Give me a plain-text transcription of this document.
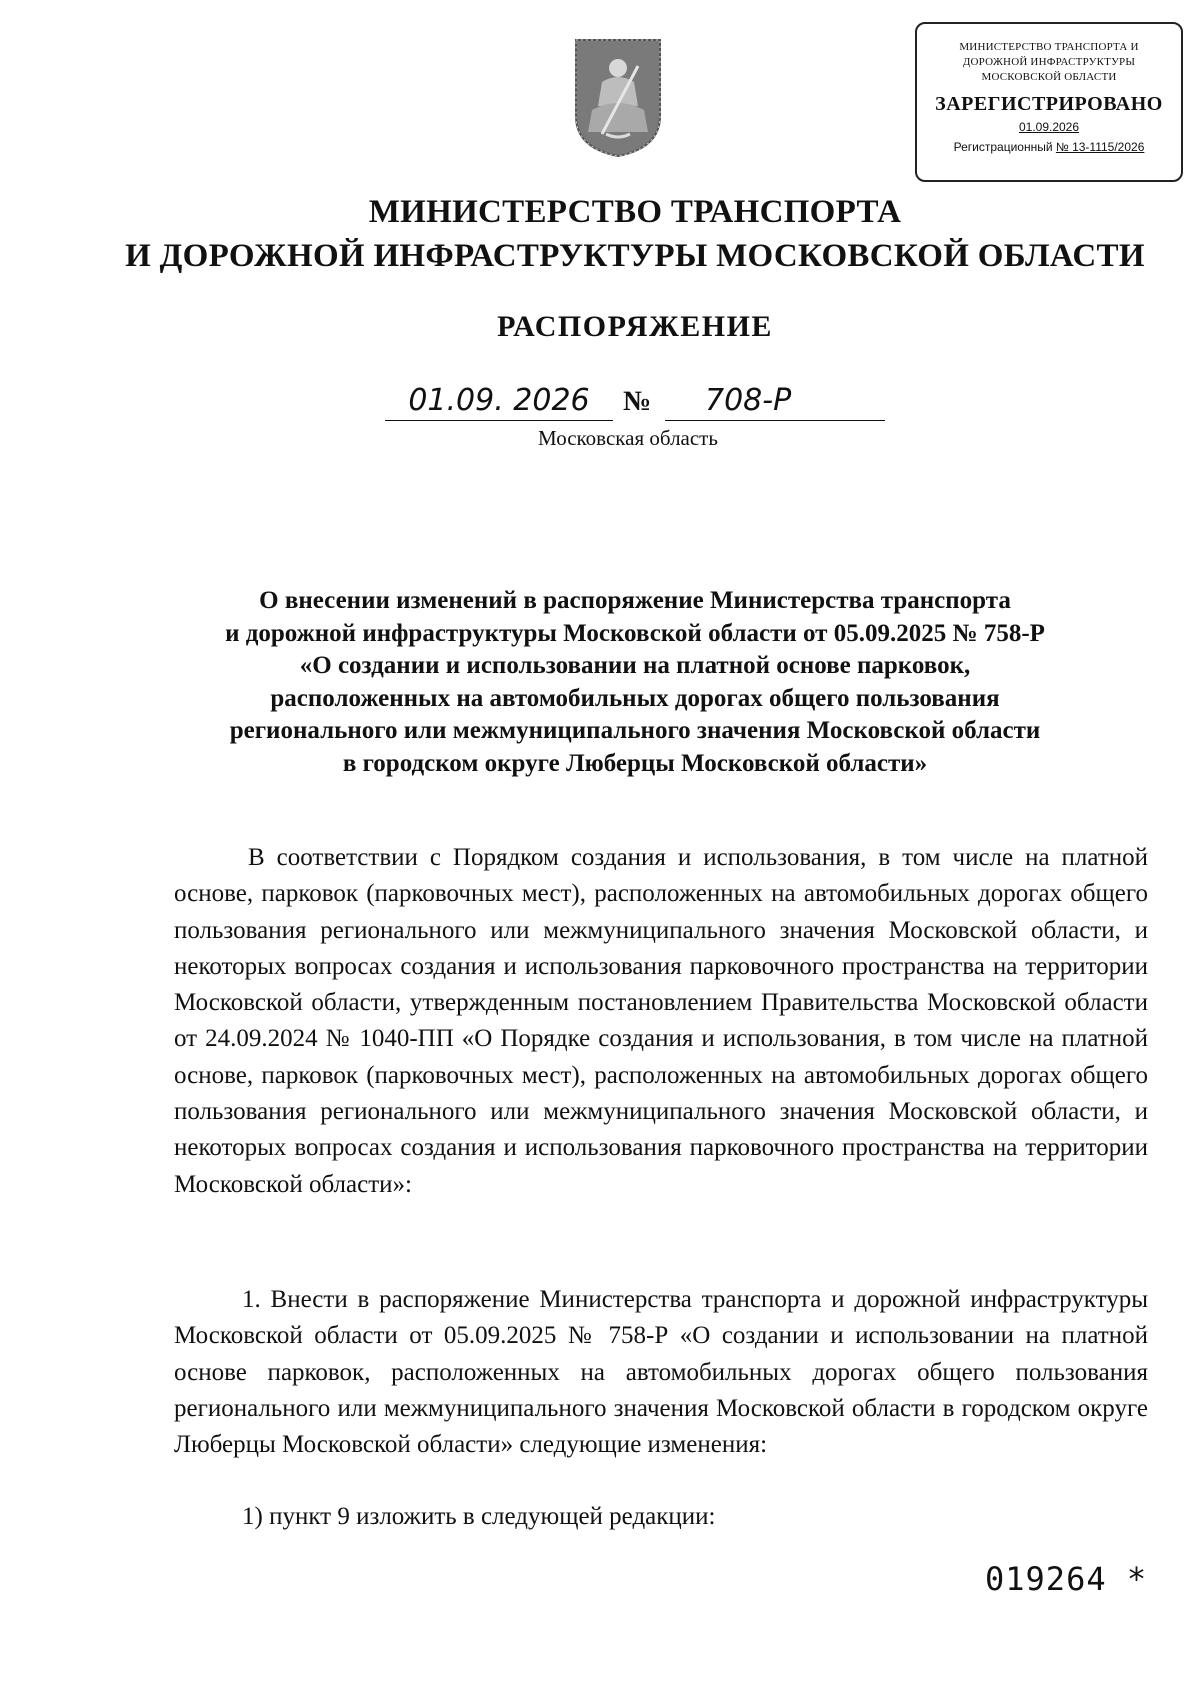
МИНИСТЕРСТВО ТРАНСПОРТА И
ДОРОЖНОЙ ИНФРАСТРУКТУРЫ
МОСКОВСКОЙ ОБЛАСТИ
ЗАРЕГИСТРИРОВАНО
01.09.2026
Регистрационный № 13-1115/2026
МИНИСТЕРСТВО ТРАНСПОРТА
И ДОРОЖНОЙ ИНФРАСТРУКТУРЫ МОСКОВСКОЙ ОБЛАСТИ
РАСПОРЯЖЕНИЕ
01.09. 2026	№	708-Р
Московская область
О внесении изменений в распоряжение Министерства транспорта
и дорожной инфраструктуры Московской области от 05.09.2025 № 758-Р
«О создании и использовании на платной основе парковок,
расположенных на автомобильных дорогах общего пользования
регионального или межмуниципального значения Московской области
в городском округе Люберцы Московской области»
В соответствии с Порядком создания и использования, в том числе на платной основе, парковок (парковочных мест), расположенных на автомобильных дорогах общего пользования регионального или межмуниципального значения Московской области, и некоторых вопросах создания и использования парковочного пространства на территории Московской области, утвержденным постановлением Правительства Московской области от 24.09.2024 № 1040-ПП «О Порядке создания и использования, в том числе на платной основе, парковок (парковочных мест), расположенных на автомобильных дорогах общего пользования регионального или межмуниципального значения Московской области, и некоторых вопросах создания и использования парковочного пространства на территории Московской области»:
1. Внести в распоряжение Министерства транспорта и дорожной инфраструктуры Московской области от 05.09.2025 № 758-Р «О создании и использовании на платной основе парковок, расположенных на автомобильных дорогах общего пользования регионального или межмуниципального значения Московской области в городском округе Люберцы Московской области» следующие изменения:
1) пункт 9 изложить в следующей редакции:
019264 *
